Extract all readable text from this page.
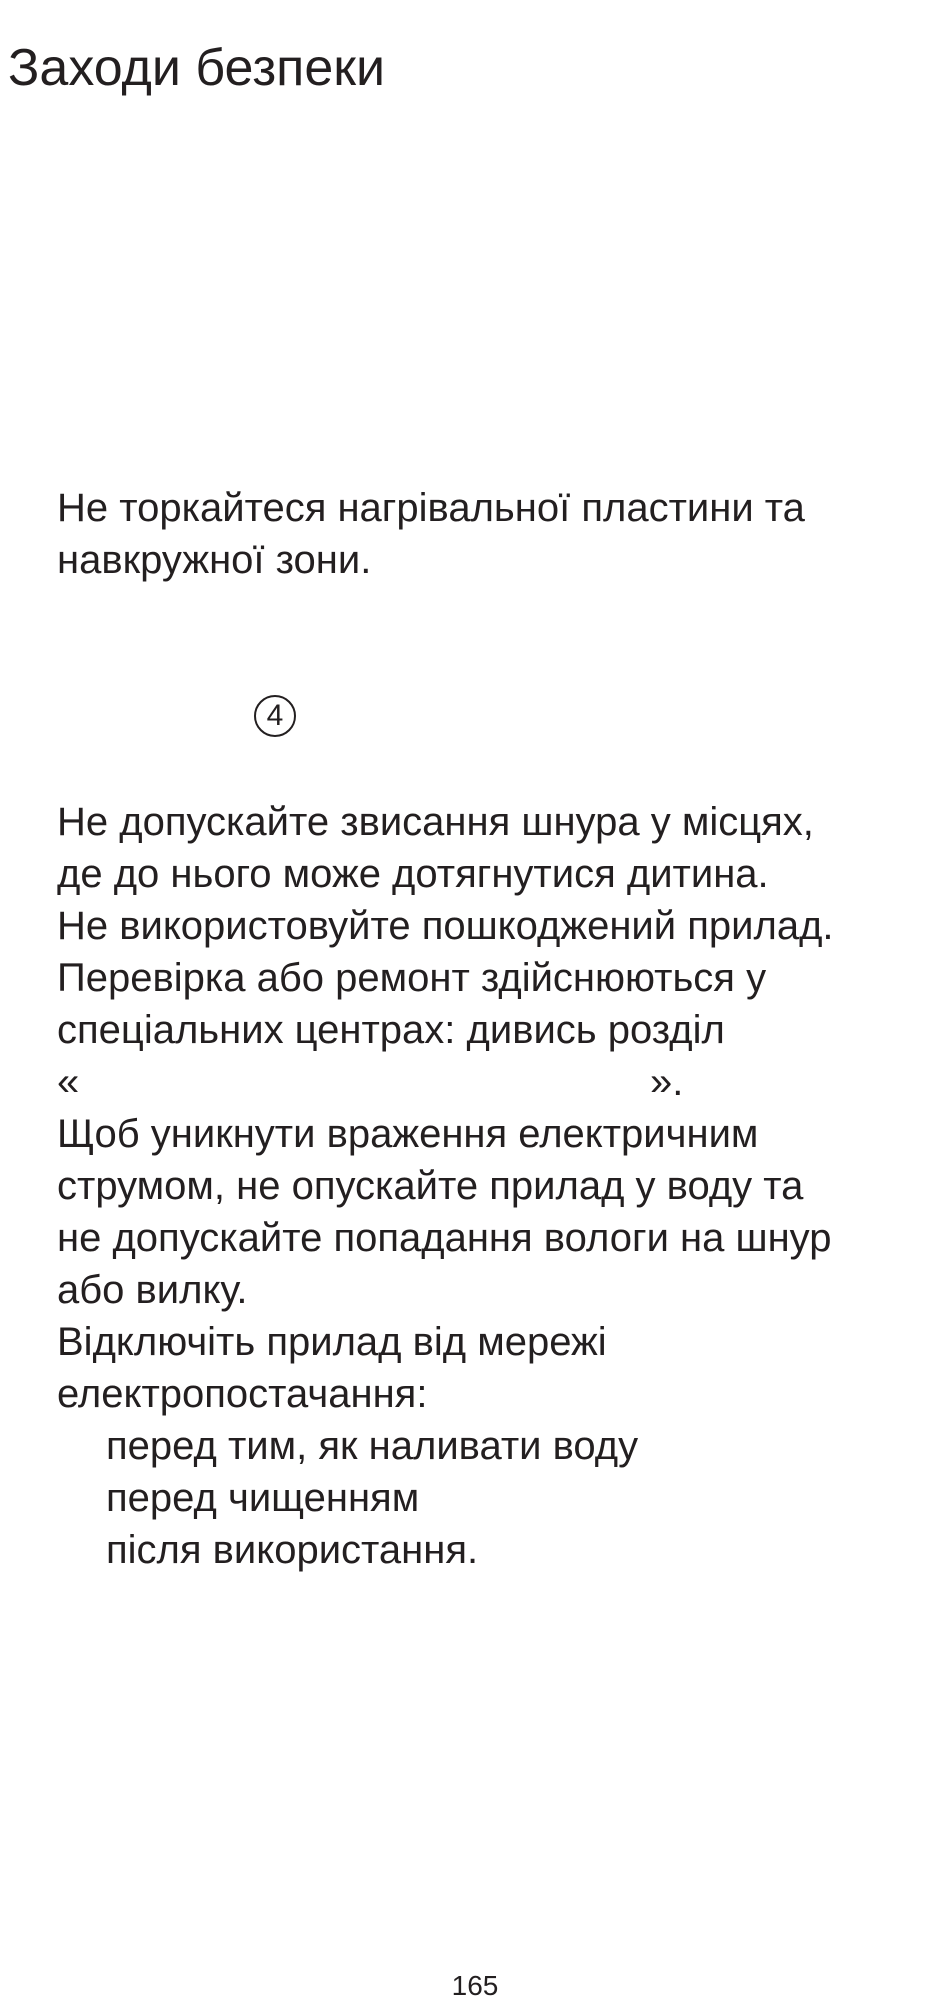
Заходи безпеки

Не торкайтеся нагрівальної пластини та

навкружної зони.

4

Не допускайте звисання шнура у місцях,

де до нього може дотягнутися дитина.

Не використовуйте пошкоджений прилад.

Перевірка або ремонт здійснюються у

спеціальних центрах: дивись розділ

«	».

Щоб уникнути враження електричним

струмом, не опускайте прилад у воду та

не допускайте попадання вологи на шнур

або вилку.

Відключіть прилад від мережі

електропостачання:

перед тим, як наливати воду

перед чищенням

після використання.

165
